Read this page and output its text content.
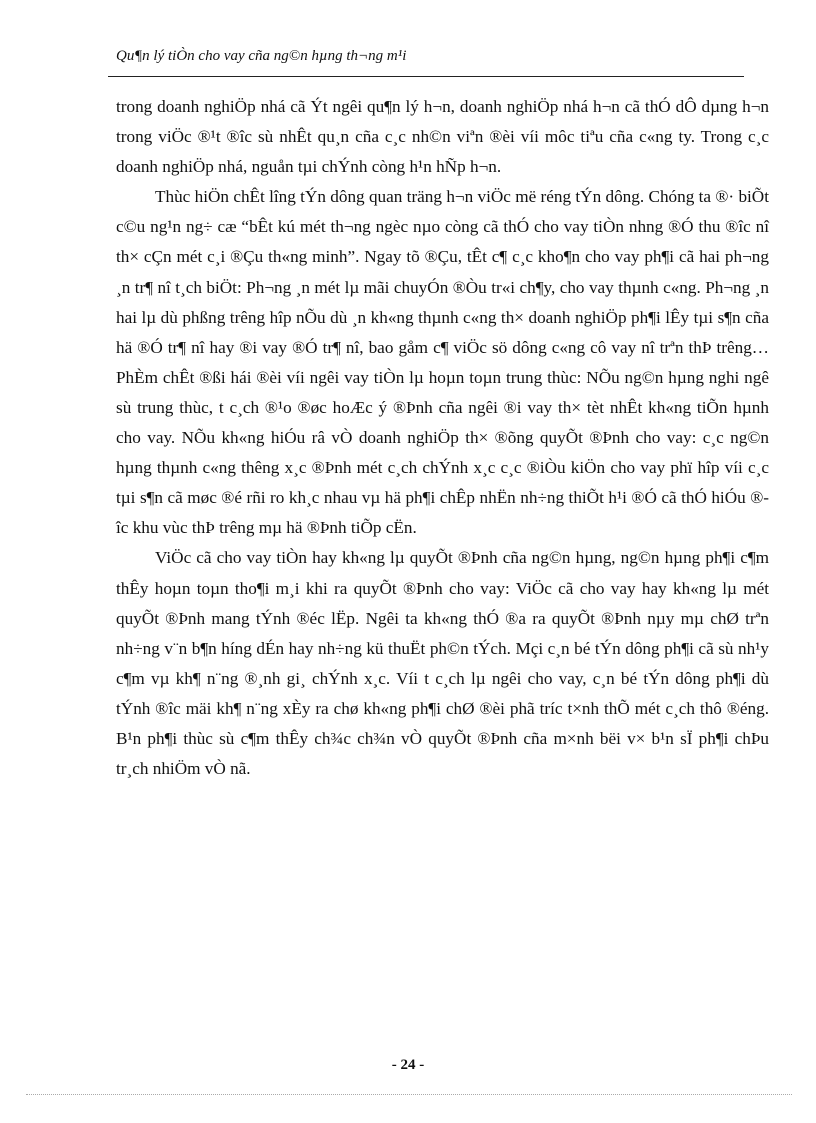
Qu¶n lý tiÒn cho vay cña ng©n hµng th¬ng m¹i

trong doanh nghiÖp nhá cã Ýt ngêi qu¶n lý h¬n, doanh nghiÖp nhá h¬n cã thÓ dÔ dµng h¬n trong viÖc ®¹t ®îc sù nhÊt qu¸n cña c¸c nh©n viªn ®èi víi môc tiªu cña c«ng ty. Trong c¸c doanh nghiÖp nhá, nguån tµi chÝnh còng h¹n hÑp h¬n.

Thùc hiÖn chÊt lîng tÝn dông quan träng h¬n viÖc më réng tÝn dông. Chóng ta ®· biÕt c©u ng¹n ng÷ cæ “bÊt kú mét th¬ng ngèc nµo còng cã thÓ cho vay tiÒn nhng ®Ó thu ®îc nî th× cÇn mét c¸i ®Çu th«ng minh”. Ngay tõ ®Çu, tÊt c¶ c¸c kho¶n cho vay ph¶i cã hai ph¬ng ¸n tr¶ nî t¸ch biÖt: Ph¬ng ¸n mét lµ mãi chuyÓn ®Òu tr«i ch¶y, cho vay thµnh c«ng. Ph¬ng ¸n hai lµ dù phßng trêng hîp nÕu dù ¸n kh«ng thµnh c«ng th× doanh nghiÖp ph¶i lÊy tµi s¶n cña hä ®Ó tr¶ nî hay ®i vay ®Ó tr¶ nî, bao gåm c¶ viÖc sö dông c«ng cô vay nî trªn thÞ trêng…PhÈm chÊt ®ßi hái ®èi víi ngêi vay tiÒn lµ hoµn toµn trung thùc: NÕu ng©n hµng nghi ngê sù trung thùc, t c¸ch ®¹o ®øc hoÆc ý ®Þnh cña ngêi ®i vay th× tèt nhÊt kh«ng tiÕn hµnh cho vay. NÕu kh«ng hiÓu râ vÒ doanh nghiÖp th× ®õng quyÕt ®Þnh cho vay: c¸c ng©n hµng thµnh c«ng thêng x¸c ®Þnh mét c¸ch chÝnh x¸c c¸c ®iÒu kiÖn cho vay phï hîp víi c¸c tµi s¶n cã møc ®é rñi ro kh¸c nhau vµ hä ph¶i chÊp nhËn nh÷ng thiÕt h¹i ®Ó cã thÓ hiÓu ®îc khu vùc thÞ trêng mµ hä ®Þnh tiÕp cËn.

ViÖc cã cho vay tiÒn hay kh«ng lµ quyÕt ®Þnh cña ng©n hµng, ng©n hµng ph¶i c¶m thÊy hoµn toµn tho¶i m¸i khi ra quyÕt ®Þnh cho vay: ViÖc cã cho vay hay kh«ng lµ mét quyÕt ®Þnh mang tÝnh ®éc lËp. Ngêi ta kh«ng thÓ ®a ra quyÕt ®Þnh nµy mµ chØ trªn nh÷ng v¨n b¶n híng dÉn hay nh÷ng kü thuËt ph©n tÝch. Mçi c¸n bé tÝn dông ph¶i cã sù nh¹y c¶m vµ kh¶ n¨ng ®¸nh gi¸ chÝnh x¸c. Víi t c¸ch lµ ngêi cho vay, c¸n bé tÝn dông ph¶i dù tÝnh ®îc mäi kh¶ n¨ng xÈy ra chø kh«ng ph¶i chØ ®èi phã tríc t×nh thÕ mét c¸ch thô ®éng. B¹n ph¶i thùc sù c¶m thÊy ch¾c ch¾n vÒ quyÕt ®Þnh cña m×nh bëi v× b¹n sÏ ph¶i chÞu tr¸ch nhiÖm vÒ nã.

- 24 -
